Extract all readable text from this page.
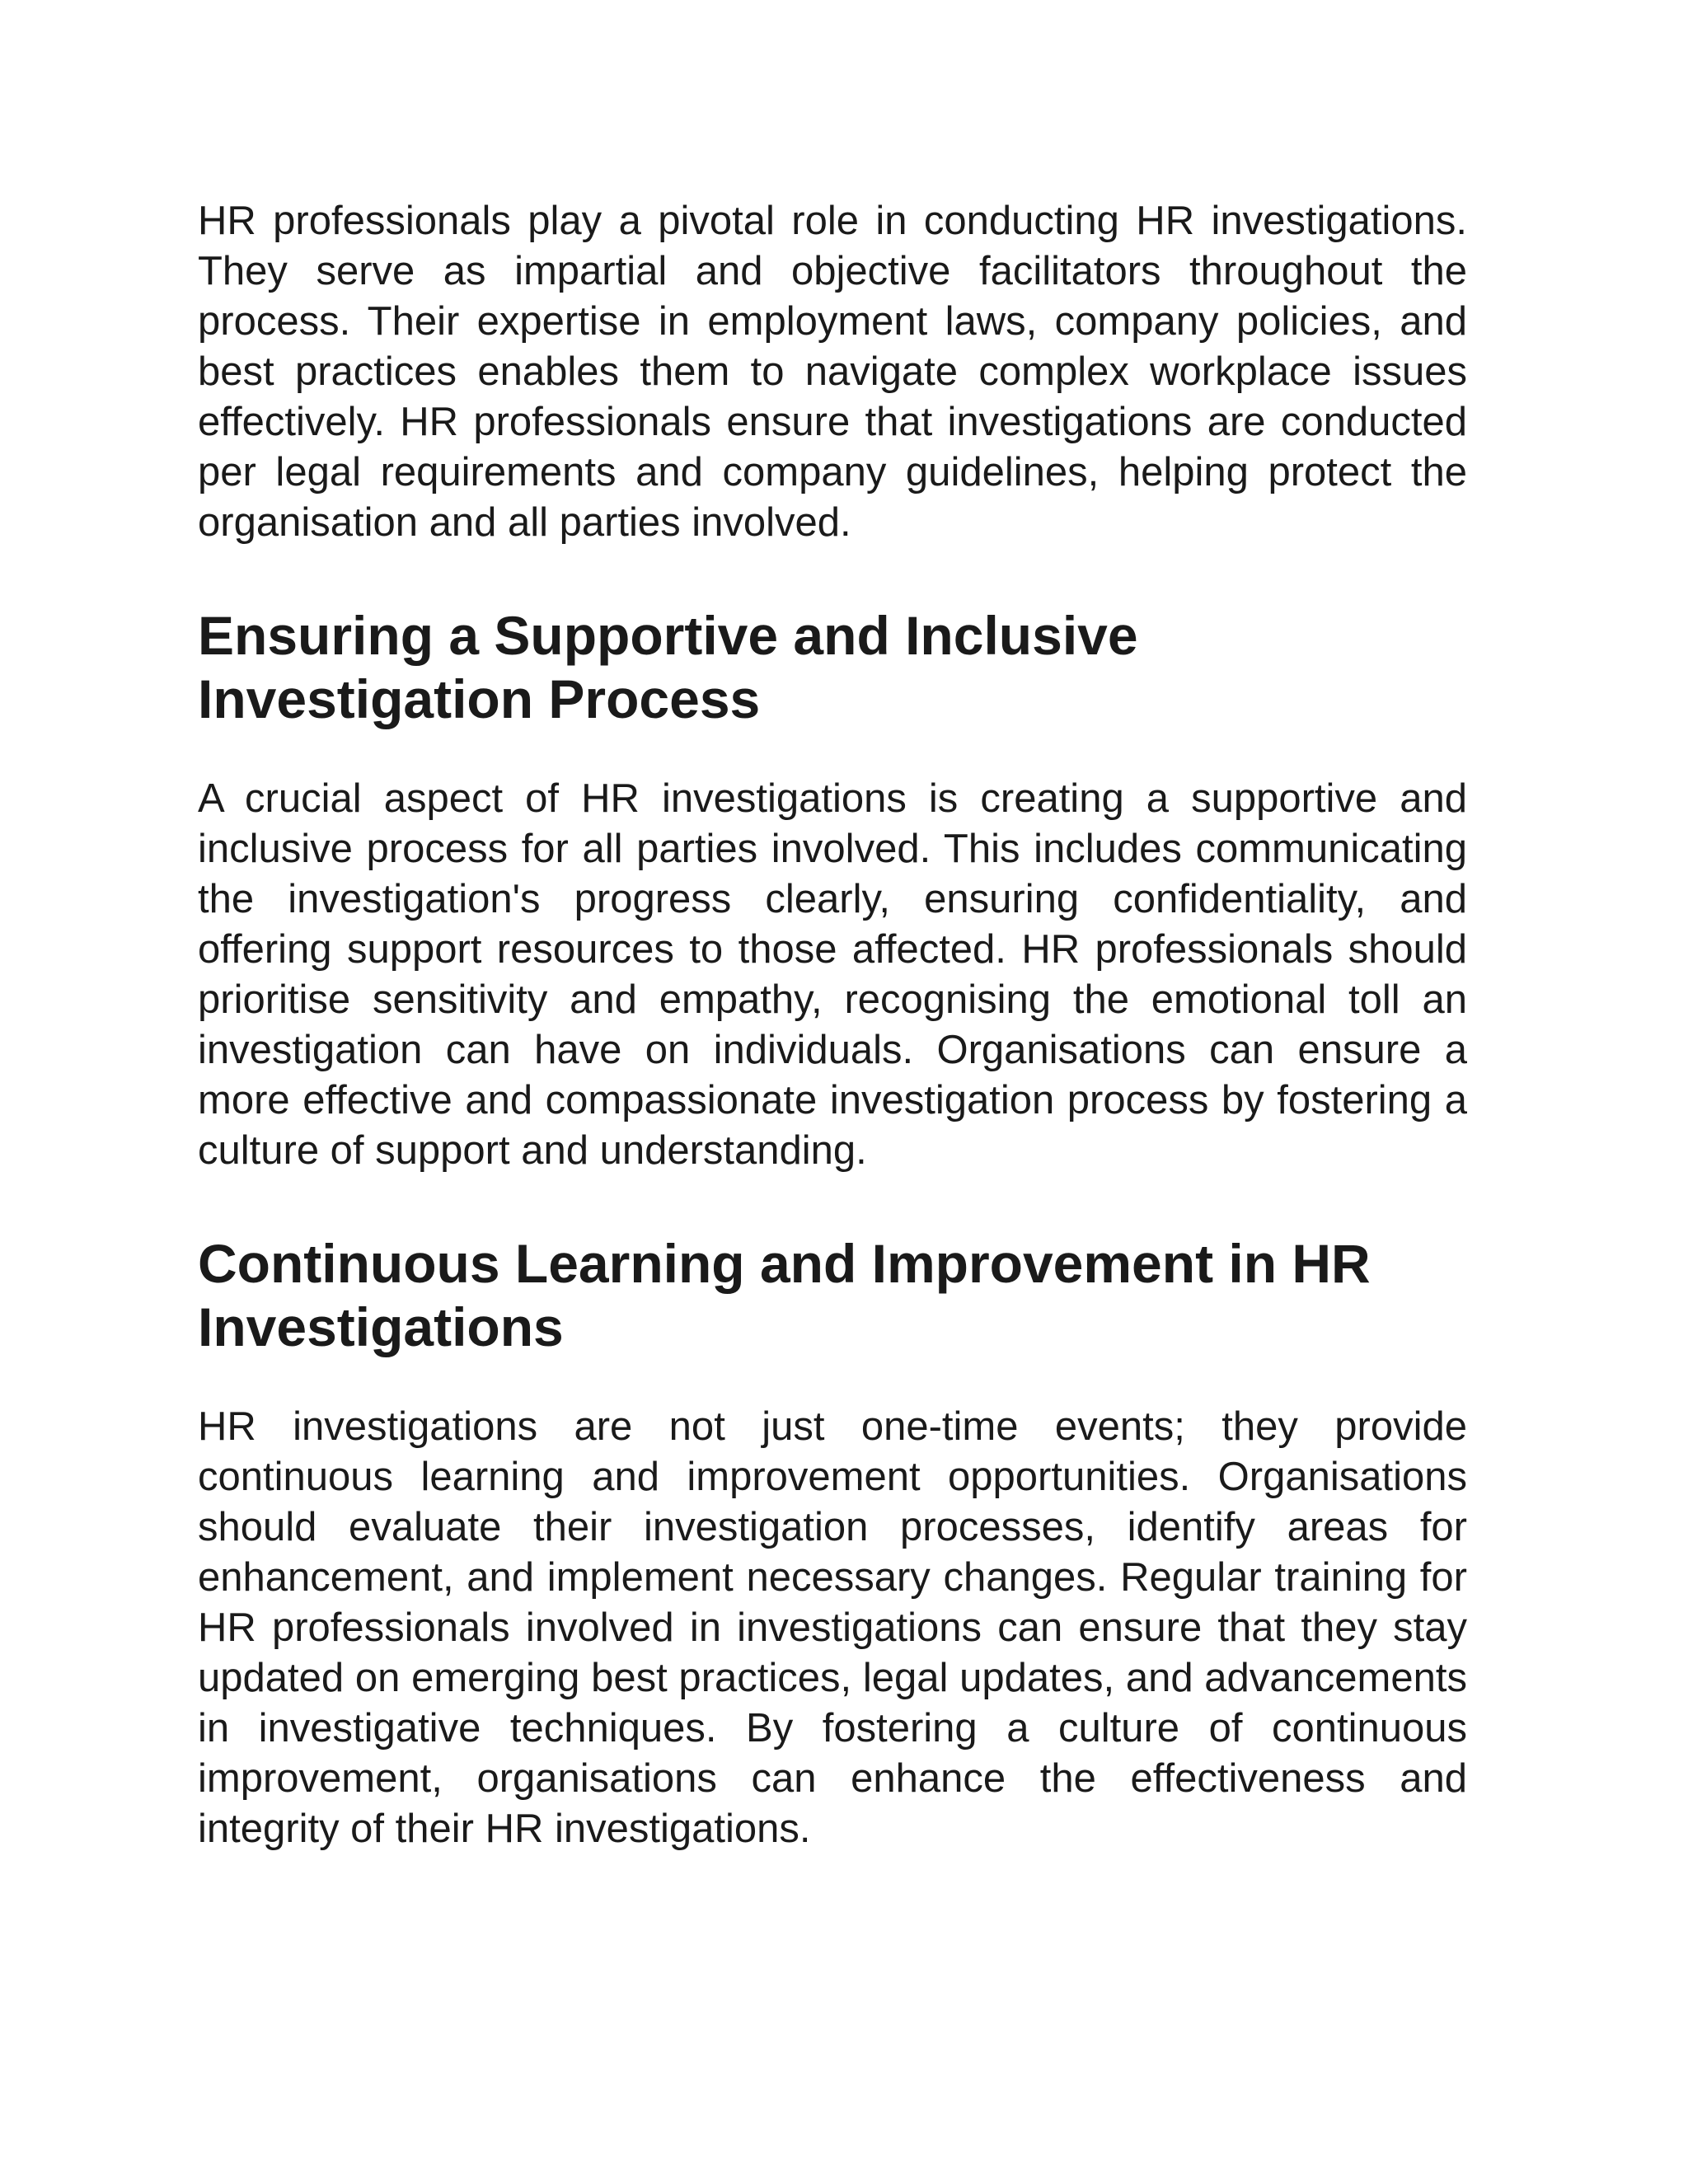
HR professionals play a pivotal role in conducting HR investigations. They serve as impartial and objective facilitators throughout the process. Their expertise in employment laws, company policies, and best practices enables them to navigate complex workplace issues effectively. HR professionals ensure that investigations are conducted per legal requirements and company guidelines, helping protect the organisation and all parties involved.

Ensuring a Supportive and Inclusive Investigation Process

A crucial aspect of HR investigations is creating a supportive and inclusive process for all parties involved. This includes communicating the investigation's progress clearly, ensuring confidentiality, and offering support resources to those affected. HR professionals should prioritise sensitivity and empathy, recognising the emotional toll an investigation can have on individuals. Organisations can ensure a more effective and compassionate investigation process by fostering a culture of support and understanding.

Continuous Learning and Improvement in HR Investigations

HR investigations are not just one-time events; they provide continuous learning and improvement opportunities. Organisations should evaluate their investigation processes, identify areas for enhancement, and implement necessary changes. Regular training for HR professionals involved in investigations can ensure that they stay updated on emerging best practices, legal updates, and advancements in investigative techniques. By fostering a culture of continuous improvement, organisations can enhance the effectiveness and integrity of their HR investigations.
